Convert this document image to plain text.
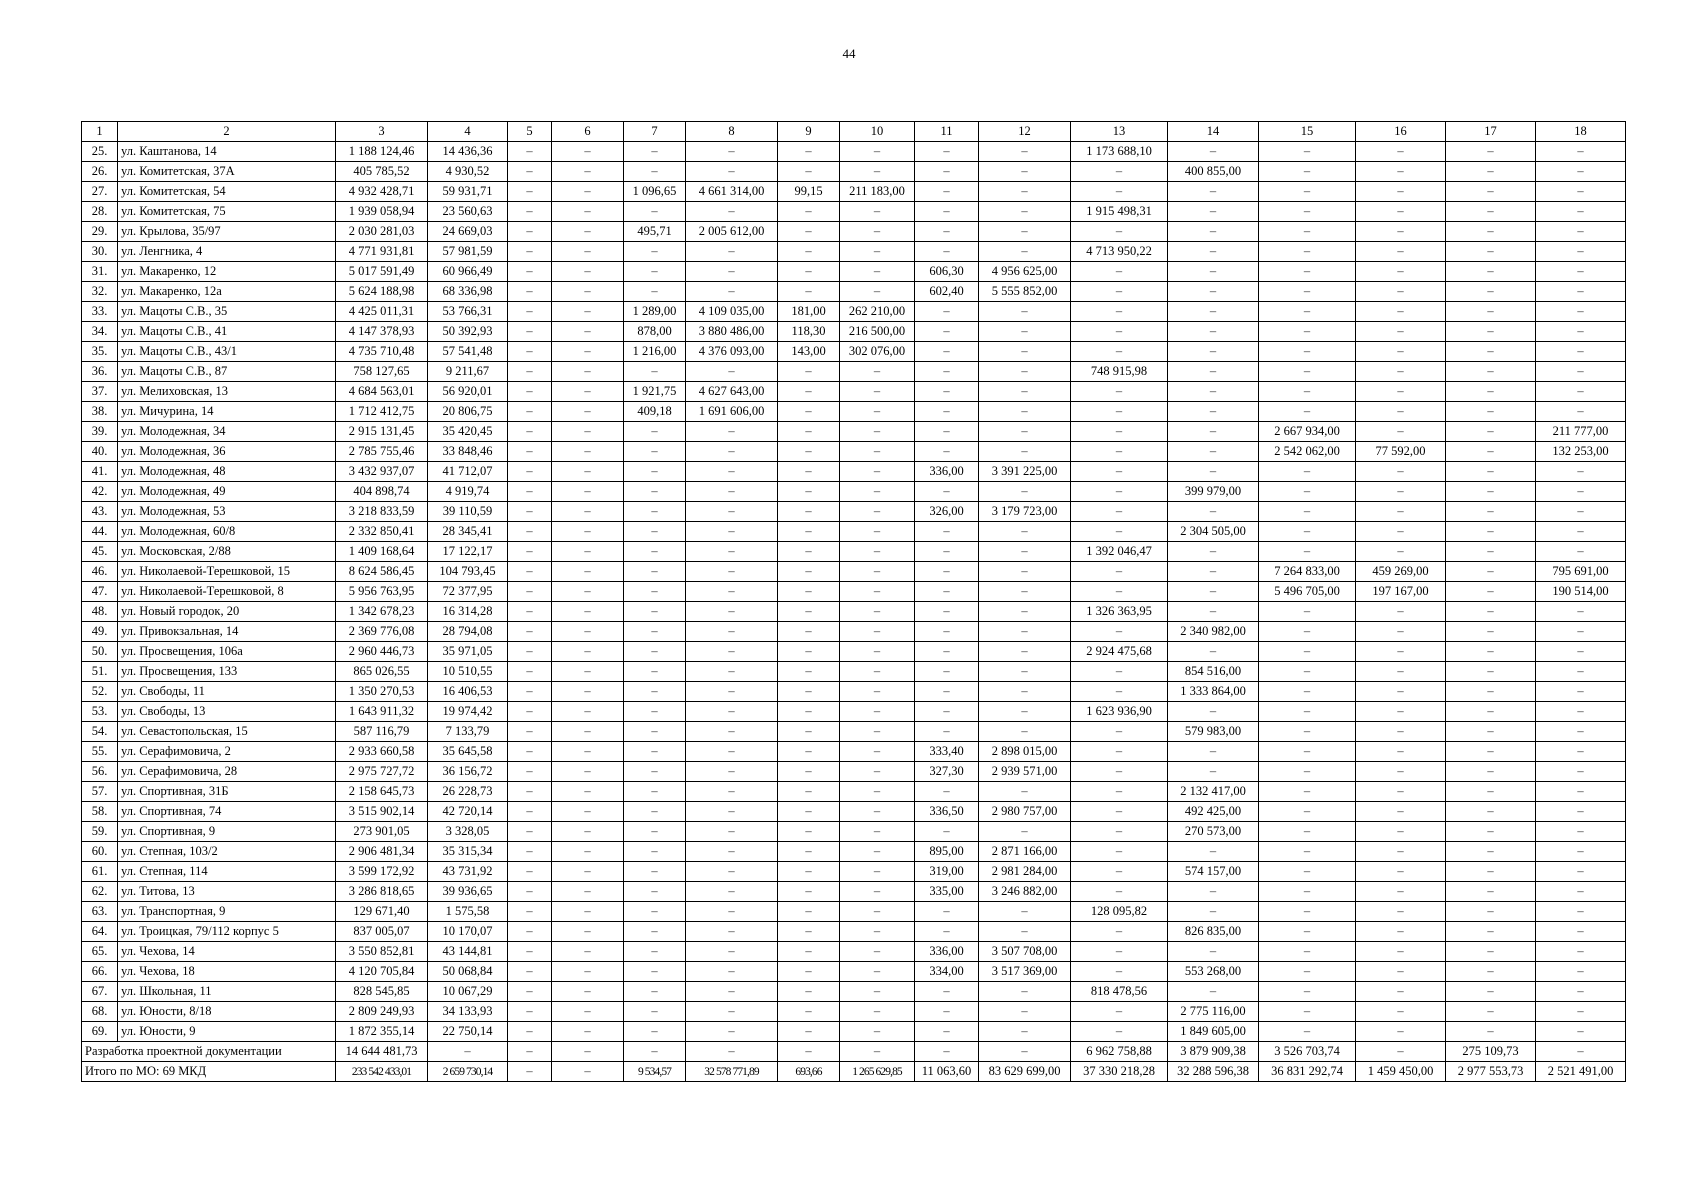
44
1	2	3	4	5	6	7	8	9	10	11	12	13	14	15	16	17	18
25.	ул. Каштанова, 14	1 188 124,46	14 436,36	–	–	–	–	–	–	–	–	1 173 688,10	–	–	–	–	–
26.	ул. Комитетская, 37А	405 785,52	4 930,52	–	–	–	–	–	–	–	–	–	400 855,00	–	–	–	–
27.	ул. Комитетская, 54	4 932 428,71	59 931,71	–	–	1 096,65	4 661 314,00	99,15	211 183,00	–	–	–	–	–	–	–	–
28.	ул. Комитетская, 75	1 939 058,94	23 560,63	–	–	–	–	–	–	–	–	1 915 498,31	–	–	–	–	–
29.	ул. Крылова, 35/97	2 030 281,03	24 669,03	–	–	495,71	2 005 612,00	–	–	–	–	–	–	–	–	–	–
30.	ул. Ленгника, 4	4 771 931,81	57 981,59	–	–	–	–	–	–	–	–	4 713 950,22	–	–	–	–	–
31.	ул. Макаренко, 12	5 017 591,49	60 966,49	–	–	–	–	–	–	606,30	4 956 625,00	–	–	–	–	–	–
32.	ул. Макаренко, 12а	5 624 188,98	68 336,98	–	–	–	–	–	–	602,40	5 555 852,00	–	–	–	–	–	–
33.	ул. Мацоты С.В., 35	4 425 011,31	53 766,31	–	–	1 289,00	4 109 035,00	181,00	262 210,00	–	–	–	–	–	–	–	–
34.	ул. Мацоты С.В., 41	4 147 378,93	50 392,93	–	–	878,00	3 880 486,00	118,30	216 500,00	–	–	–	–	–	–	–	–
35.	ул. Мацоты С.В., 43/1	4 735 710,48	57 541,48	–	–	1 216,00	4 376 093,00	143,00	302 076,00	–	–	–	–	–	–	–	–
36.	ул. Мацоты С.В., 87	758 127,65	9 211,67	–	–	–	–	–	–	–	–	748 915,98	–	–	–	–	–
37.	ул. Мелиховская, 13	4 684 563,01	56 920,01	–	–	1 921,75	4 627 643,00	–	–	–	–	–	–	–	–	–	–
38.	ул. Мичурина, 14	1 712 412,75	20 806,75	–	–	409,18	1 691 606,00	–	–	–	–	–	–	–	–	–	–
39.	ул. Молодежная, 34	2 915 131,45	35 420,45	–	–	–	–	–	–	–	–	–	–	2 667 934,00	–	–	211 777,00
40.	ул. Молодежная, 36	2 785 755,46	33 848,46	–	–	–	–	–	–	–	–	–	–	2 542 062,00	77 592,00	–	132 253,00
41.	ул. Молодежная, 48	3 432 937,07	41 712,07	–	–	–	–	–	–	336,00	3 391 225,00	–	–	–	–	–	–
42.	ул. Молодежная, 49	404 898,74	4 919,74	–	–	–	–	–	–	–	–	–	399 979,00	–	–	–	–
43.	ул. Молодежная, 53	3 218 833,59	39 110,59	–	–	–	–	–	–	326,00	3 179 723,00	–	–	–	–	–	–
44.	ул. Молодежная, 60/8	2 332 850,41	28 345,41	–	–	–	–	–	–	–	–	–	2 304 505,00	–	–	–	–
45.	ул. Московская, 2/88	1 409 168,64	17 122,17	–	–	–	–	–	–	–	–	1 392 046,47	–	–	–	–	–
46.	ул. Николаевой-Терешковой, 15	8 624 586,45	104 793,45	–	–	–	–	–	–	–	–	–	–	7 264 833,00	459 269,00	–	795 691,00
47.	ул. Николаевой-Терешковой, 8	5 956 763,95	72 377,95	–	–	–	–	–	–	–	–	–	–	5 496 705,00	197 167,00	–	190 514,00
48.	ул. Новый городок, 20	1 342 678,23	16 314,28	–	–	–	–	–	–	–	–	1 326 363,95	–	–	–	–	–
49.	ул. Привокзальная, 14	2 369 776,08	28 794,08	–	–	–	–	–	–	–	–	–	2 340 982,00	–	–	–	–
50.	ул. Просвещения, 106а	2 960 446,73	35 971,05	–	–	–	–	–	–	–	–	2 924 475,68	–	–	–	–	–
51.	ул. Просвещения, 133	865 026,55	10 510,55	–	–	–	–	–	–	–	–	–	854 516,00	–	–	–	–
52.	ул. Свободы, 11	1 350 270,53	16 406,53	–	–	–	–	–	–	–	–	–	1 333 864,00	–	–	–	–
53.	ул. Свободы, 13	1 643 911,32	19 974,42	–	–	–	–	–	–	–	–	1 623 936,90	–	–	–	–	–
54.	ул. Севастопольская, 15	587 116,79	7 133,79	–	–	–	–	–	–	–	–	–	579 983,00	–	–	–	–
55.	ул. Серафимовича, 2	2 933 660,58	35 645,58	–	–	–	–	–	–	333,40	2 898 015,00	–	–	–	–	–	–
56.	ул. Серафимовича, 28	2 975 727,72	36 156,72	–	–	–	–	–	–	327,30	2 939 571,00	–	–	–	–	–	–
57.	ул. Спортивная, 31Б	2 158 645,73	26 228,73	–	–	–	–	–	–	–	–	–	2 132 417,00	–	–	–	–
58.	ул. Спортивная, 74	3 515 902,14	42 720,14	–	–	–	–	–	–	336,50	2 980 757,00	–	492 425,00	–	–	–	–
59.	ул. Спортивная, 9	273 901,05	3 328,05	–	–	–	–	–	–	–	–	–	270 573,00	–	–	–	–
60.	ул. Степная, 103/2	2 906 481,34	35 315,34	–	–	–	–	–	–	895,00	2 871 166,00	–	–	–	–	–	–
61.	ул. Степная, 114	3 599 172,92	43 731,92	–	–	–	–	–	–	319,00	2 981 284,00	–	574 157,00	–	–	–	–
62.	ул. Титова, 13	3 286 818,65	39 936,65	–	–	–	–	–	–	335,00	3 246 882,00	–	–	–	–	–	–
63.	ул. Транспортная, 9	129 671,40	1 575,58	–	–	–	–	–	–	–	–	128 095,82	–	–	–	–	–
64.	ул. Троицкая, 79/112 корпус 5	837 005,07	10 170,07	–	–	–	–	–	–	–	–	–	826 835,00	–	–	–	–
65.	ул. Чехова, 14	3 550 852,81	43 144,81	–	–	–	–	–	–	336,00	3 507 708,00	–	–	–	–	–	–
66.	ул. Чехова, 18	4 120 705,84	50 068,84	–	–	–	–	–	–	334,00	3 517 369,00	–	553 268,00	–	–	–	–
67.	ул. Школьная, 11	828 545,85	10 067,29	–	–	–	–	–	–	–	–	818 478,56	–	–	–	–	–
68.	ул. Юности, 8/18	2 809 249,93	34 133,93	–	–	–	–	–	–	–	–	–	2 775 116,00	–	–	–	–
69.	ул. Юности, 9	1 872 355,14	22 750,14	–	–	–	–	–	–	–	–	–	1 849 605,00	–	–	–	–
Разработка проектной документации		14 644 481,73	–	–	–	–	–	–	–	–	–	6 962 758,88	3 879 909,38	3 526 703,74	–	275 109,73	–
Итого по МО: 69 МКД		233 542 433,01	2 659 730,14	–	–	9 534,57	32 578 771,89	693,66	1 265 629,85	11 063,60	83 629 699,00	37 330 218,28	32 288 596,38	36 831 292,74	1 459 450,00	2 977 553,73	2 521 491,00
